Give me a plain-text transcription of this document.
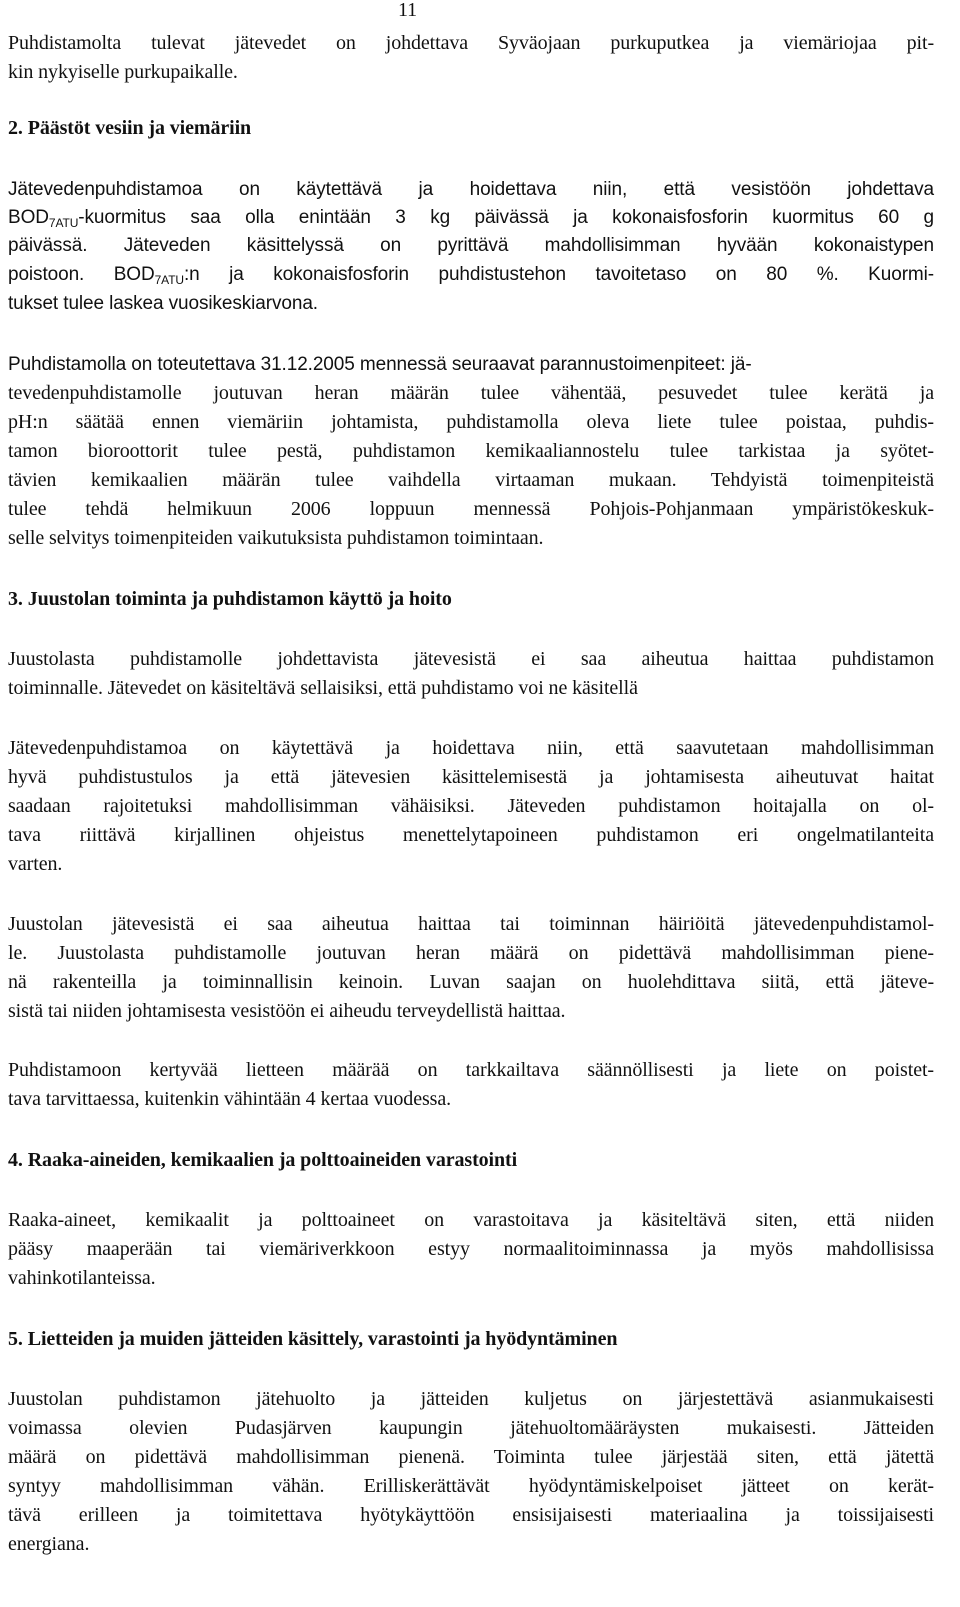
11
Puhdistamolta tulevat jätevedet on johdettava Syväojaan purkuputkea ja viemäriojaa pit-
kin nykyiselle purkupaikalle.
2. Päästöt vesiin ja viemäriin
Jätevedenpuhdistamoa on käytettävä ja hoidettava niin, että vesistöön johdettava
$BOD_{7ATU}$-kuormitus saa olla enintään 3 kg päivässä ja kokonaisfosforin kuormitus 60 g
päivässä. Jäteveden käsittelyssä on pyrittävä mahdollisimman hyvään kokonaistypen
poistoon. $BOD_{7ATU}:n$ ja kokonaisfosforin puhdistustehon tavoitetaso on 80 %. Kuormi-
tukset tulee laskea vuosikeskiarvona.
Puhdistamolla on toteutettava 31.12.2005 mennessä seuraavat parannustoimenpiteet: jä-
tevedenpuhdistamolle joutuvan heran määrän tulee vähentää, pesuvedet tulee kerätä ja
pH:n säätää ennen viemäriin johtamista, puhdistamolla oleva liete tulee poistaa, puhdis-
tamon bioroottorit tulee pestä, puhdistamon kemikaaliannostelu tulee tarkistaa ja syötet-
tävien kemikaalien määrän tulee vaihdella virtaaman mukaan. Tehdyistä toimenpiteistä
tulee tehdä helmikuun 2006 loppuun mennessä Pohjois-Pohjanmaan ympäristökeskuk-
selle selvitys toimenpiteiden vaikutuksista puhdistamon toimintaan.
3. Juustolan toiminta ja puhdistamon käyttö ja hoito
Juustolasta puhdistamolle johdettavista jätevesistä ei saa aiheutua haittaa puhdistamon
toiminnalle. Jätevedet on käsiteltävä sellaisiksi, että puhdistamo voi ne käsitellä
Jätevedenpuhdistamoa on käytettävä ja hoidettava niin, että saavutetaan mahdollisimman
hyvä puhdistustulos ja että jätevesien käsittelemisestä ja johtamisesta aiheutuvat haitat
saadaan rajoitetuksi mahdollisimman vähäisiksi. Jäteveden puhdistamon hoitajalla on ol-
tava riittävä kirjallinen ohjeistus menettelytapoineen puhdistamon eri ongelmatilanteita
varten.
Juustolan jätevesistä ei saa aiheutua haittaa tai toiminnan häiriöitä jätevedenpuhdistamol-
le. Juustolasta puhdistamolle joutuvan heran määrä on pidettävä mahdollisimman piene-
nä rakenteilla ja toiminnallisin keinoin. Luvan saajan on huolehdittava siitä, että jäteve-
sistä tai niiden johtamisesta vesistöön ei aiheudu terveydellistä haittaa.
Puhdistamoon kertyvää lietteen määrää on tarkkailtava säännöllisesti ja liete on poistet-
tava tarvittaessa, kuitenkin vähintään 4 kertaa vuodessa.
4. Raaka-aineiden, kemikaalien ja polttoaineiden varastointi
Raaka-aineet, kemikaalit ja polttoaineet on varastoitava ja käsiteltävä siten, että niiden
pääsy maaperään tai viemäriverkkoon estyy normaalitoiminnassa ja myös mahdollisissa
vahinkotilanteissa.
5. Lietteiden ja muiden jätteiden käsittely, varastointi ja hyödyntäminen
Juustolan puhdistamon jätehuolto ja jätteiden kuljetus on järjestettävä asianmukaisesti
voimassa olevien Pudasjärven kaupungin jätehuoltomääräysten mukaisesti. Jätteiden
määrä on pidettävä mahdollisimman pienenä. Toiminta tulee järjestää siten, että jätettä
syntyy mahdollisimman vähän. Erilliskerättävät hyödyntämiskelpoiset jätteet on kerät-
tävä erilleen ja toimitettava hyötykäyttöön ensisijaisesti materiaalina ja toissijaisesti
energiana.
